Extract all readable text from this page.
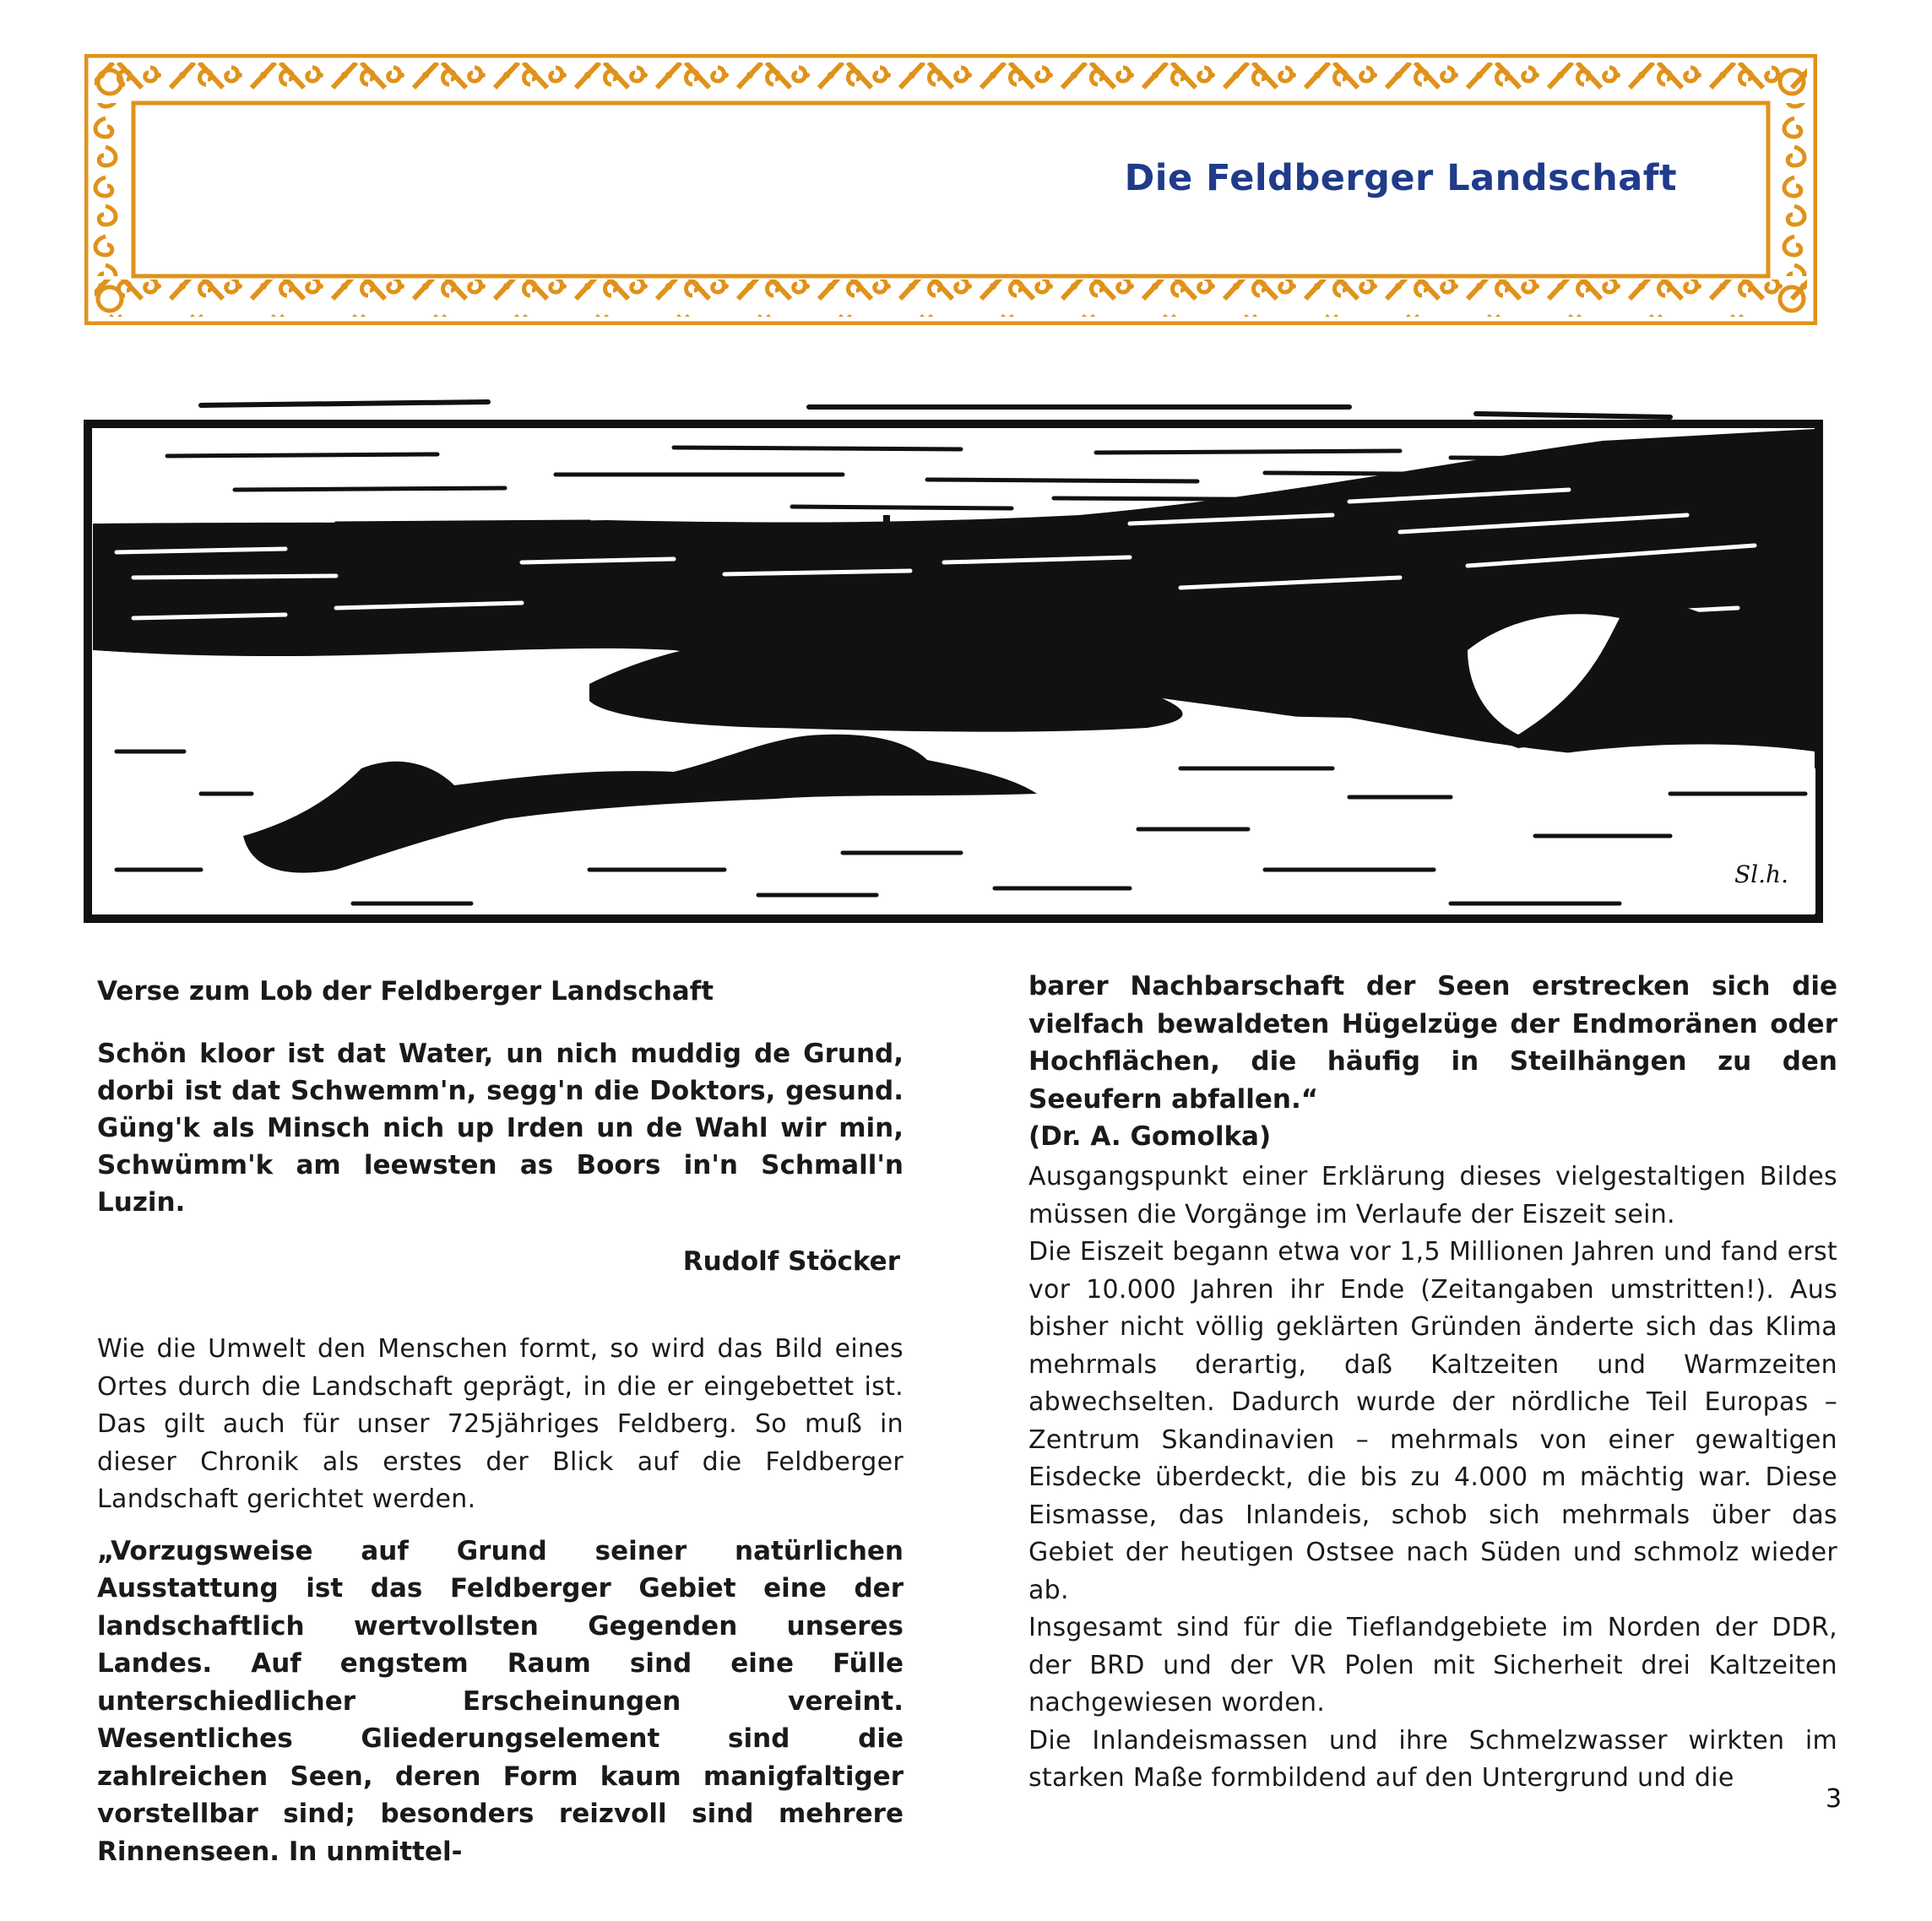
Die Feldberger Landschaft
Sl.h.
Verse zum Lob der Feldberger Landschaft

Schön kloor ist dat Water, un nich muddig de Grund,

dorbi ist dat Schwemm'n, segg'n die Doktors, gesund.

Güng'k als Minsch nich up Irden un de Wahl wir min,

Schwümm'k am leewsten as Boors in'n Schmall'n Luzin.

Rudolf Stöcker
Wie die Umwelt den Menschen formt, so wird das Bild eines Ortes durch die Landschaft geprägt, in die er eingebettet ist. Das gilt auch für unser 725jähriges Feldberg. So muß in dieser Chronik als erstes der Blick auf die Feldberger Landschaft gerichtet werden.
„Vorzugsweise auf Grund seiner natürlichen Ausstattung ist das Feldberger Gebiet eine der landschaftlich wertvollsten Gegenden unseres Landes. Auf engstem Raum sind eine Fülle unterschiedlicher Erscheinungen vereint. Wesentliches Gliederungselement sind die zahlreichen Seen, deren Form kaum manigfaltiger vorstellbar sind; besonders reizvoll sind mehrere Rinnenseen. In unmittel-
barer Nachbarschaft der Seen erstrecken sich die vielfach bewaldeten Hügelzüge der Endmoränen oder Hochflächen, die häufig in Steilhängen zu den Seeufern abfallen.“
(Dr. A. Gomolka)

Ausgangspunkt einer Erklärung dieses vielgestaltigen Bildes müssen die Vorgänge im Verlaufe der Eiszeit sein.

Die Eiszeit begann etwa vor 1,5 Millionen Jahren und fand erst vor 10.000 Jahren ihr Ende (Zeitangaben umstritten!). Aus bisher nicht völlig geklärten Gründen änderte sich das Klima mehrmals derartig, daß Kaltzeiten und Warmzeiten abwechselten. Dadurch wurde der nördliche Teil Europas – Zentrum Skandinavien – mehrmals von einer gewaltigen Eisdecke überdeckt, die bis zu 4.000 m mächtig war. Diese Eismasse, das Inlandeis, schob sich mehrmals über das Gebiet der heutigen Ostsee nach Süden und schmolz wieder ab.

Insgesamt sind für die Tieflandgebiete im Norden der DDR, der BRD und der VR Polen mit Sicherheit drei Kaltzeiten nachgewiesen worden.

Die Inlandeismassen und ihre Schmelzwasser wirkten im starken Maße formbildend auf den Untergrund und die

3
